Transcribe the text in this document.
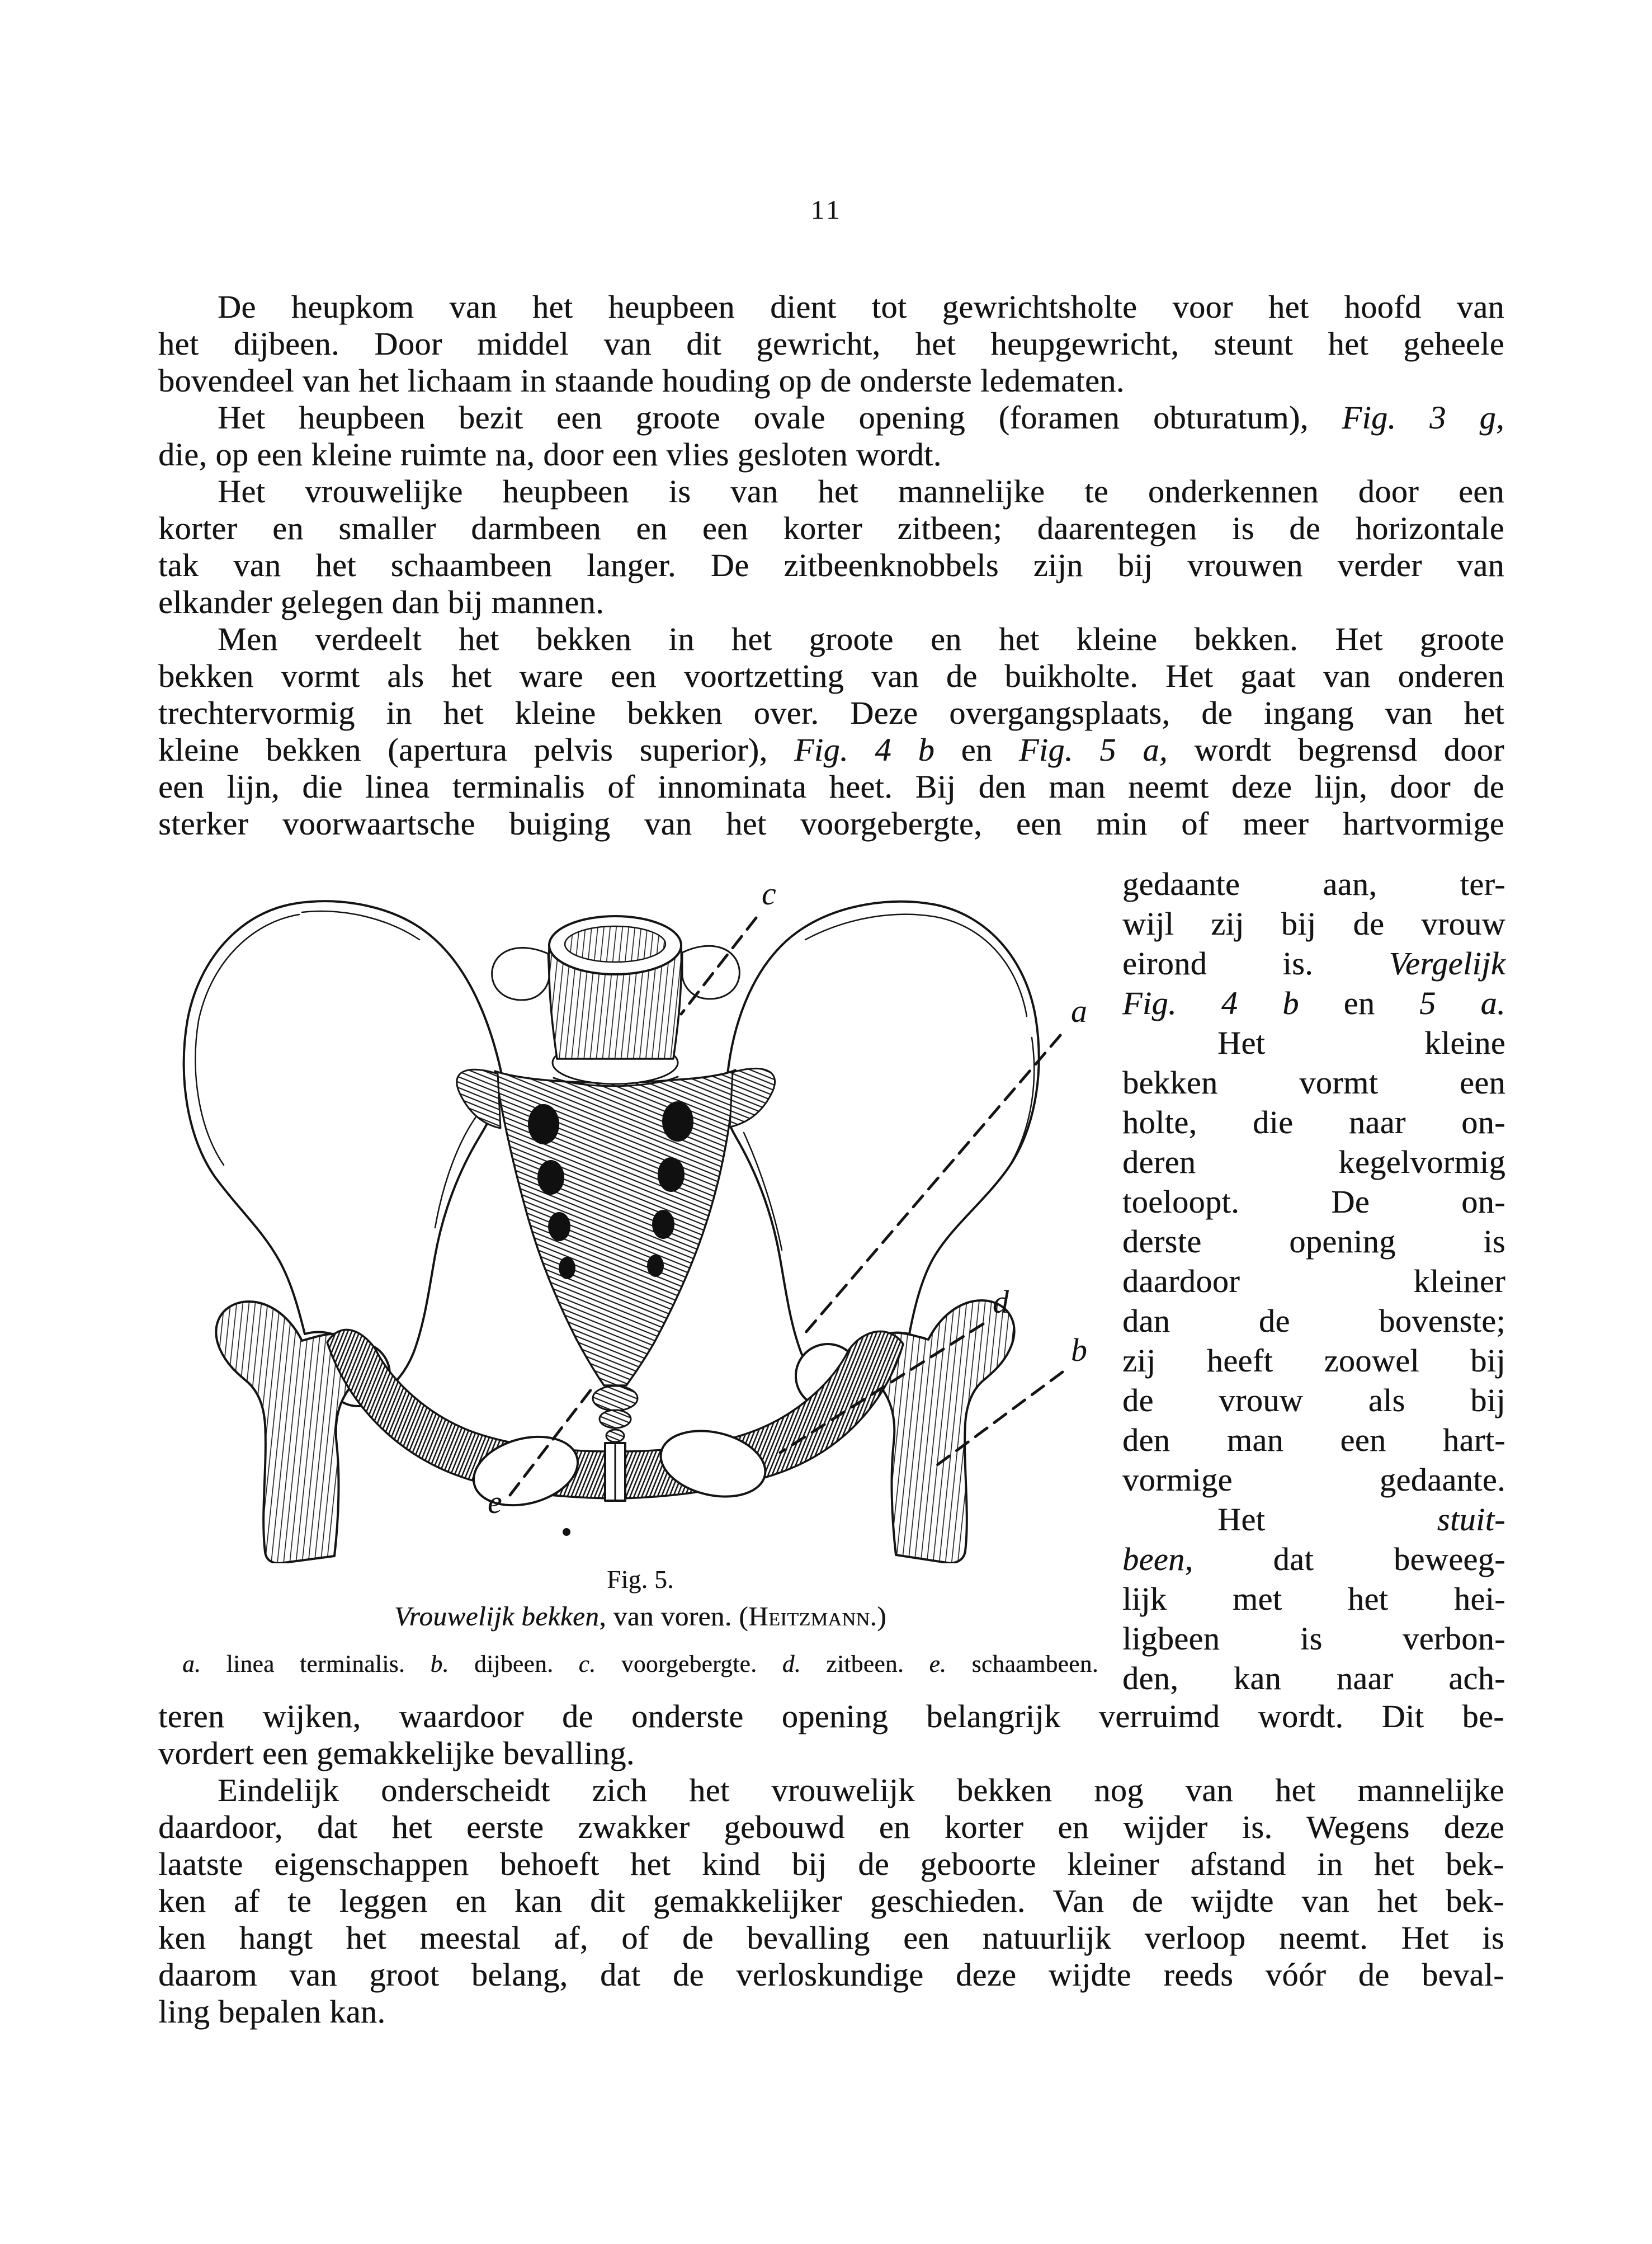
11
De heupkom van het heupbeen dient tot gewrichtsholte voor het hoofd van
het dijbeen. Door middel van dit gewricht, het heupgewricht, steunt het geheele
bovendeel van het lichaam in staande houding op de onderste ledematen.
Het heupbeen bezit een groote ovale opening (foramen obturatum), Fig. 3 g,
die, op een kleine ruimte na, door een vlies gesloten wordt.
Het vrouwelijke heupbeen is van het mannelijke te onderkennen door een
korter en smaller darmbeen en een korter zitbeen; daarentegen is de horizontale
tak van het schaambeen langer. De zitbeenknobbels zijn bij vrouwen verder van
elkander gelegen dan bij mannen.
Men verdeelt het bekken in het groote en het kleine bekken. Het groote
bekken vormt als het ware een voortzetting van de buikholte. Het gaat van onderen
trechtervormig in het kleine bekken over. Deze overgangsplaats, de ingang van het
kleine bekken (apertura pelvis superior), Fig. 4 b en Fig. 5 a, wordt begrensd door
een lijn, die linea terminalis of innominata heet. Bij den man neemt deze lijn, door de
sterker voorwaartsche buiging van het voorgebergte, een min of meer hartvormige
c
a
d
b
e
Fig. 5.
Vrouwelijk bekken, van voren. (Heitzmann.)
a. linea terminalis. b. dijbeen. c. voorgebergte. d. zitbeen. e. schaambeen.
gedaante aan, ter-
wijl zij bij de vrouw
eirond is. Vergelijk
Fig. 4 b en 5 a.
Het kleine
bekken vormt een
holte, die naar on-
deren kegelvormig
toeloopt. De on-
derste opening is
daardoor kleiner
dan de bovenste;
zij heeft zoowel bij
de vrouw als bij
den man een hart-
vormige gedaante.
Het stuit-
been, dat beweeg-
lijk met het hei-
ligbeen is verbon-
den, kan naar ach-
teren wijken, waardoor de onderste opening belangrijk verruimd wordt. Dit be-
vordert een gemakkelijke bevalling.
Eindelijk onderscheidt zich het vrouwelijk bekken nog van het mannelijke
daardoor, dat het eerste zwakker gebouwd en korter en wijder is. Wegens deze
laatste eigenschappen behoeft het kind bij de geboorte kleiner afstand in het bek-
ken af te leggen en kan dit gemakkelijker geschieden. Van de wijdte van het bek-
ken hangt het meestal af, of de bevalling een natuurlijk verloop neemt. Het is
daarom van groot belang, dat de verloskundige deze wijdte reeds vóór de beval-
ling bepalen kan.
